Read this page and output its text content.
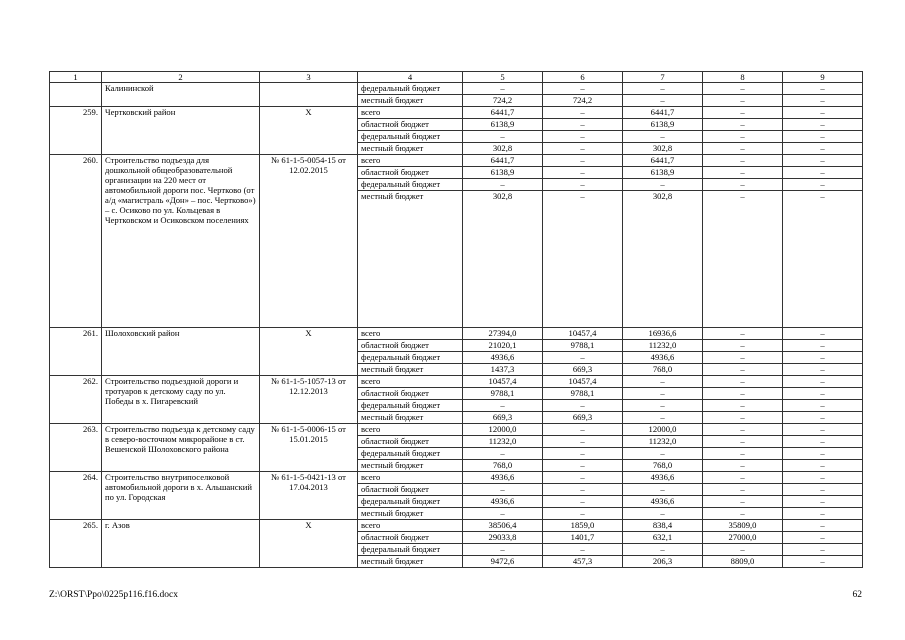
1	2	3	4	5	6	7	8	9
	Калининской		федеральный бюджет	–	–	–	–	–
			местный бюджет	724,2	724,2	–	–	–
259.	Чертковский район	Х	всего	6441,7	–	6441,7	–	–
			областной бюджет	6138,9	–	6138,9	–	–
			федеральный бюджет	–	–	–	–	–
			местный бюджет	302,8	–	302,8	–	–
260.	Строительство подъезда для дошкольной общеобразовательной организации на 220 мест от автомобильной дороги пос. Чертково (от а/д «магистраль «Дон» – пос. Чертково») – с. Осиково по ул. Кольцевая в Чертковском и Осиковском поселениях	№ 61-1-5-0054-15 от 12.02.2015	всего	6441,7	–	6441,7	–	–
			областной бюджет	6138,9	–	6138,9	–	–
			федеральный бюджет	–	–	–	–	–
			местный бюджет	302,8	–	302,8	–	–
261.	Шолоховский район	Х	всего	27394,0	10457,4	16936,6	–	–
			областной бюджет	21020,1	9788,1	11232,0	–	–
			федеральный бюджет	4936,6	–	4936,6	–	–
			местный бюджет	1437,3	669,3	768,0	–	–
262.	Строительство подъездной дороги и тротуаров к детскому саду по ул. Победы в х. Пигаревский	№ 61-1-5-1057-13 от 12.12.2013	всего	10457,4	10457,4	–	–	–
			областной бюджет	9788,1	9788,1	–	–	–
			федеральный бюджет	–	–	–	–	–
			местный бюджет	669,3	669,3	–	–	–
263.	Строительство подъезда к детскому саду в северо-восточном микрорайоне в ст. Вешенской Шолоховского района	№ 61-1-5-0006-15 от 15.01.2015	всего	12000,0	–	12000,0	–	–
			областной бюджет	11232,0	–	11232,0	–	–
			федеральный бюджет	–	–	–	–	–
			местный бюджет	768,0	–	768,0	–	–
264.	Строительство внутрипоселковой автомобильной дороги в х. Альшанский по ул. Городская	№ 61-1-5-0421-13 от 17.04.2013	всего	4936,6	–	4936,6	–	–
			областной бюджет	–	–	–	–	–
			федеральный бюджет	4936,6	–	4936,6	–	–
			местный бюджет	–	–	–	–	–
265.	г. Азов	Х	всего	38506,4	1859,0	838,4	35809,0	–
			областной бюджет	29033,8	1401,7	632,1	27000,0	–
			федеральный бюджет	–	–	–	–	–
			местный бюджет	9472,6	457,3	206,3	8809,0	–
Z:\ORST\Ppo\0225p116.f16.docx	62
